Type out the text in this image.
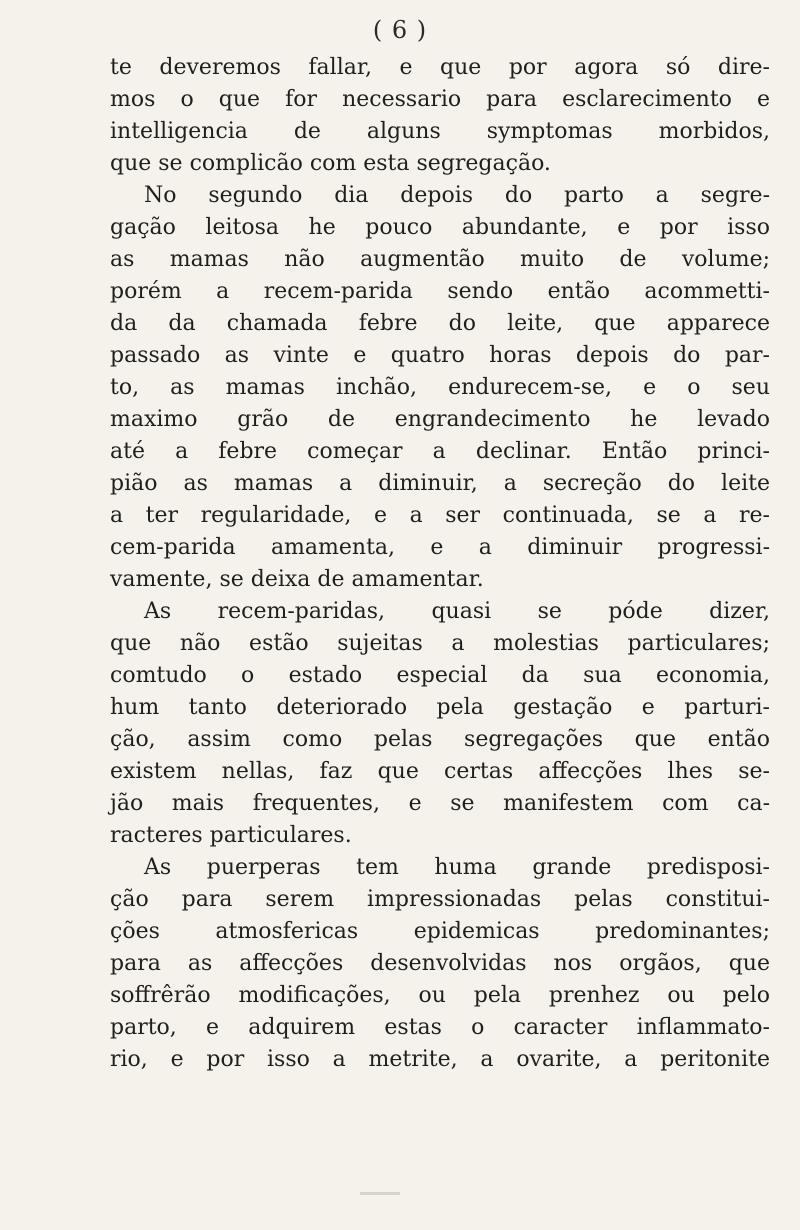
( 6 )
te deveremos fallar, e que por agora só dire-
mos o que for necessario para esclarecimento e
intelligencia de alguns symptomas morbidos,
que se complicão com esta segregação.
No segundo dia depois do parto a segre-
gação leitosa he pouco abundante, e por isso
as mamas não augmentão muito de volume;
porém a recem-parida sendo então acommetti-
da da chamada febre do leite, que apparece
passado as vinte e quatro horas depois do par-
to, as mamas inchão, endurecem-se, e o seu
maximo grão de engrandecimento he levado
até a febre começar a declinar. Então princi-
pião as mamas a diminuir, a secreção do leite
a ter regularidade, e a ser continuada, se a re-
cem-parida amamenta, e a diminuir progressi-
vamente, se deixa de amamentar.
As recem-paridas, quasi se póde dizer,
que não estão sujeitas a molestias particulares;
comtudo o estado especial da sua economia,
hum tanto deteriorado pela gestação e parturi-
ção, assim como pelas segregações que então
existem nellas, faz que certas affecções lhes se-
jão mais frequentes, e se manifestem com ca-
racteres particulares.
As puerperas tem huma grande predisposi-
ção para serem impressionadas pelas constitui-
ções atmosfericas epidemicas predominantes;
para as affecções desenvolvidas nos orgãos, que
soffrêrão modificações, ou pela prenhez ou pelo
parto, e adquirem estas o caracter inflammato-
rio, e por isso a metrite, a ovarite, a peritonite
